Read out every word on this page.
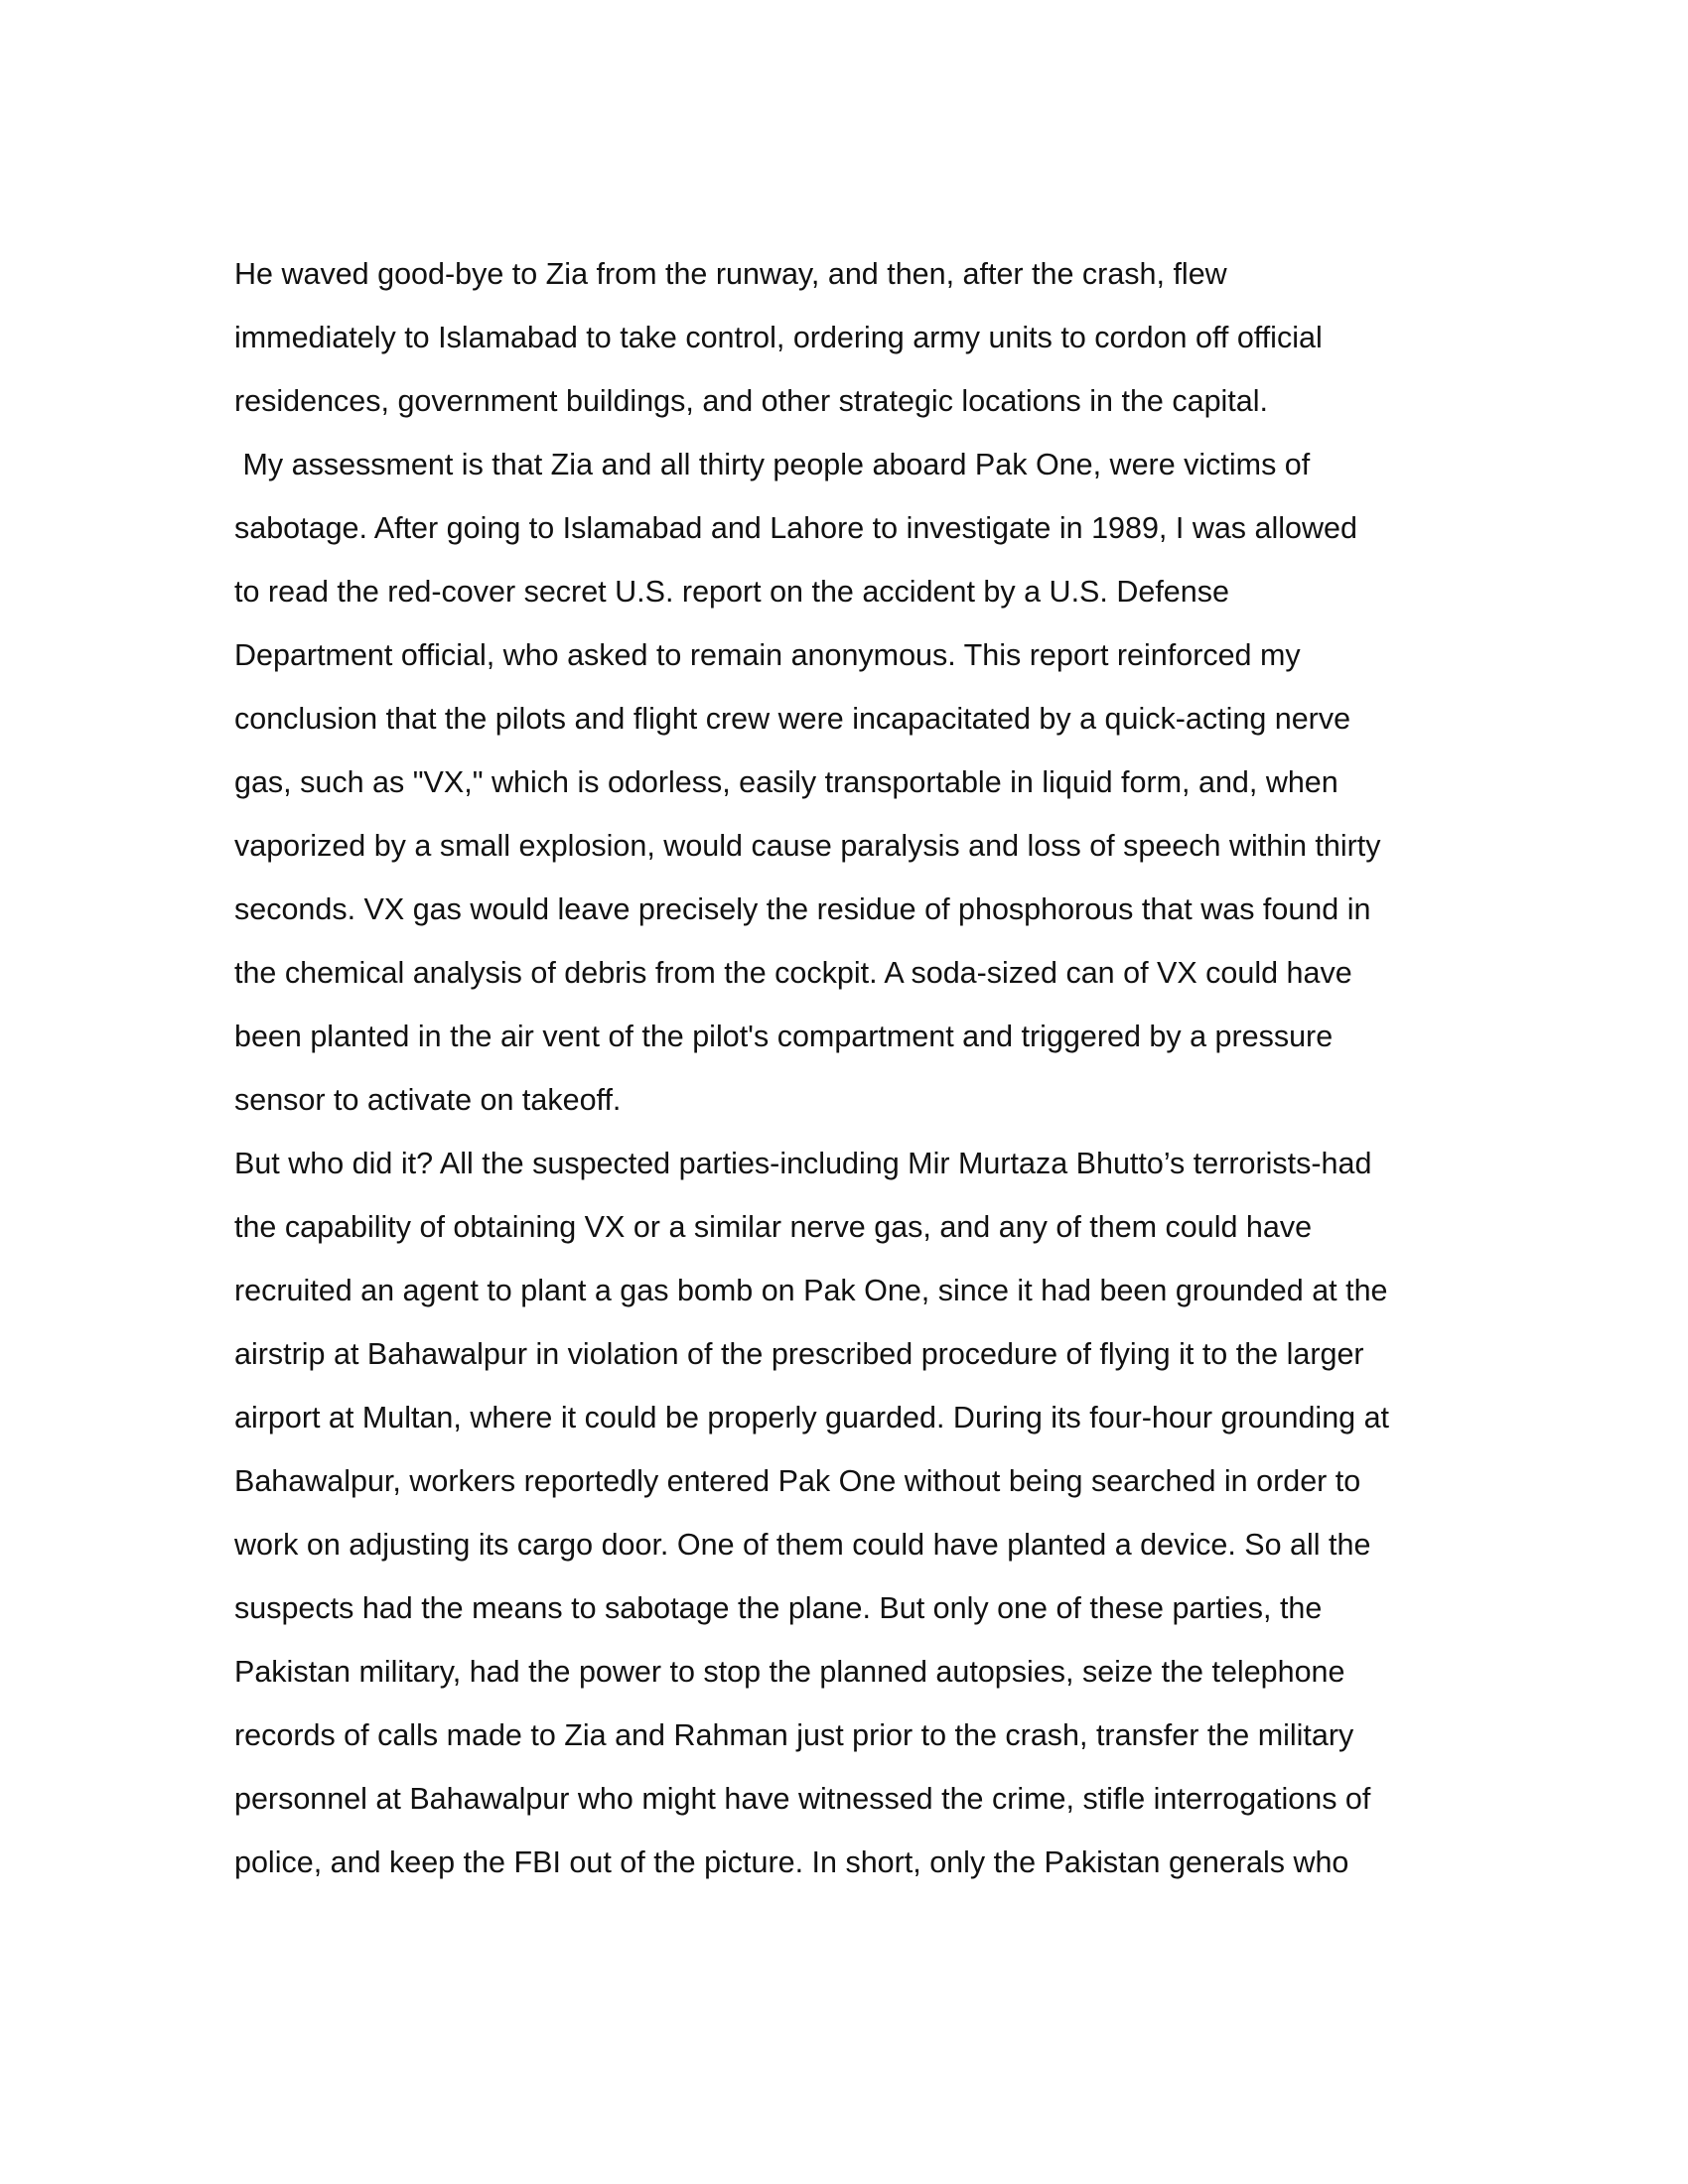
He waved good-bye to Zia from the runway, and then, after the crash, flew
immediately to Islamabad to take control, ordering army units to cordon off official
residences, government buildings, and other strategic locations in the capital.
My assessment is that Zia and all thirty people aboard Pak One, were victims of
sabotage. After going to Islamabad and Lahore to investigate in 1989, I was allowed
to read the red-cover secret U.S. report on the accident by a U.S. Defense
Department official, who asked to remain anonymous. This report reinforced my
conclusion that the pilots and flight crew were incapacitated by a quick-acting nerve
gas, such as "VX," which is odorless, easily transportable in liquid form, and, when
vaporized by a small explosion, would cause paralysis and loss of speech within thirty
seconds. VX gas would leave precisely the residue of phosphorous that was found in
the chemical analysis of debris from the cockpit. A soda-sized can of VX could have
been planted in the air vent of the pilot's compartment and triggered by a pressure
sensor to activate on takeoff.
But who did it? All the suspected parties-including Mir Murtaza Bhutto’s terrorists-had
the capability of obtaining VX or a similar nerve gas, and any of them could have
recruited an agent to plant a gas bomb on Pak One, since it had been grounded at the
airstrip at Bahawalpur in violation of the prescribed procedure of flying it to the larger
airport at Multan, where it could be properly guarded. During its four-hour grounding at
Bahawalpur, workers reportedly entered Pak One without being searched in order to
work on adjusting its cargo door. One of them could have planted a device. So all the
suspects had the means to sabotage the plane. But only one of these parties, the
Pakistan military, had the power to stop the planned autopsies, seize the telephone
records of calls made to Zia and Rahman just prior to the crash, transfer the military
personnel at Bahawalpur who might have witnessed the crime, stifle interrogations of
police, and keep the FBI out of the picture. In short, only the Pakistan generals who
